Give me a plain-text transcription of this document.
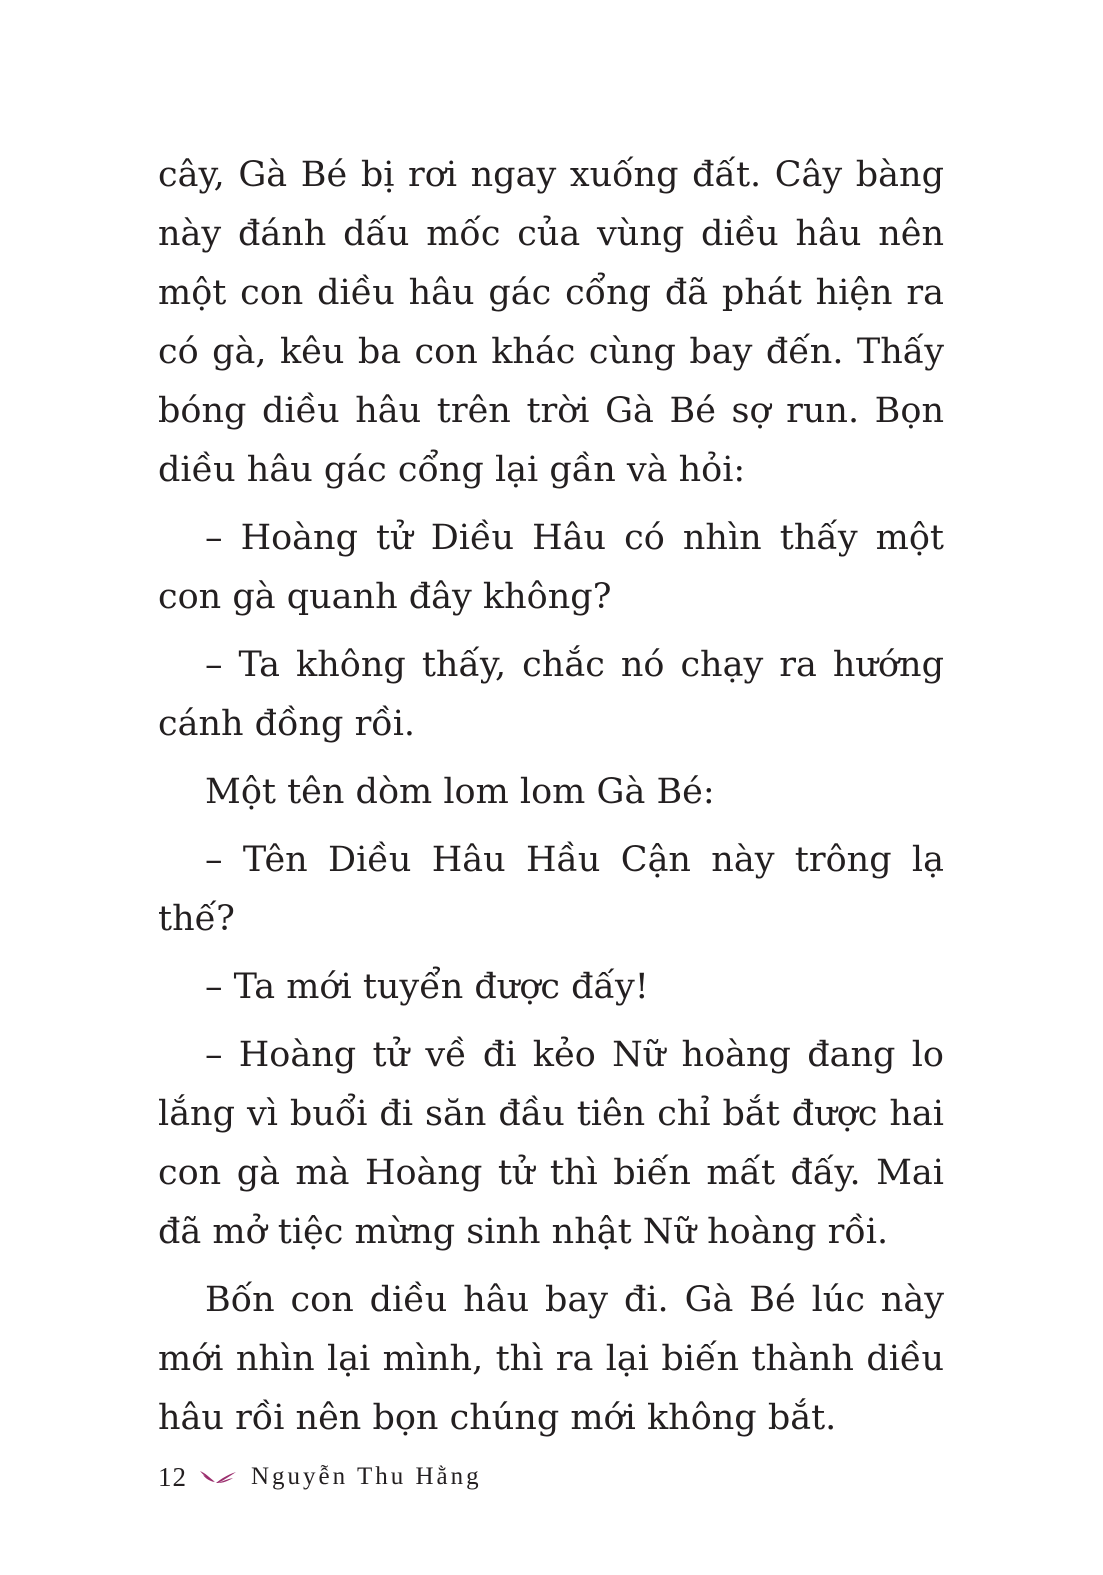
cây, Gà Bé bị rơi ngay xuống đất. Cây bàng này đánh dấu mốc của vùng diều hâu nên một con diều hâu gác cổng đã phát hiện ra có gà, kêu ba con khác cùng bay đến. Thấy bóng diều hâu trên trời Gà Bé sợ run. Bọn diều hâu gác cổng lại gần và hỏi:

– Hoàng tử Diều Hâu có nhìn thấy một con gà quanh đây không?

– Ta không thấy, chắc nó chạy ra hướng cánh đồng rồi.

Một tên dòm lom lom Gà Bé:

– Tên Diều Hâu Hầu Cận này trông lạ thế?

– Ta mới tuyển được đấy!

– Hoàng tử về đi kẻo Nữ hoàng đang lo lắng vì buổi đi săn đầu tiên chỉ bắt được hai con gà mà Hoàng tử thì biến mất đấy. Mai đã mở tiệc mừng sinh nhật Nữ hoàng rồi.

Bốn con diều hâu bay đi. Gà Bé lúc này mới nhìn lại mình, thì ra lại biến thành diều hâu rồi nên bọn chúng mới không bắt.

12	Nguyễn Thu Hằng
